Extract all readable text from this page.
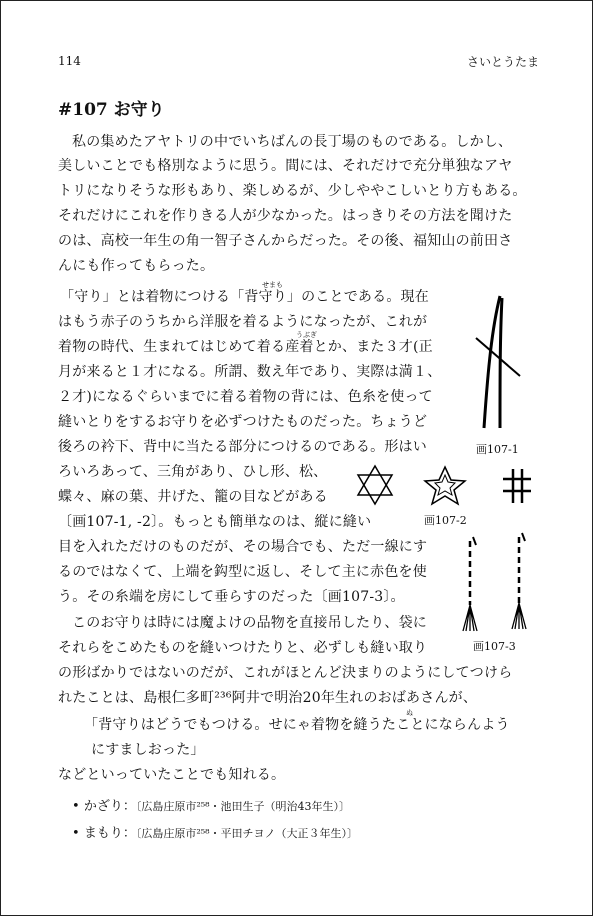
114	さいとうたま
#107 お守り
私の集めたアヤトリの中でいちばんの長丁場のものである。しかし、
美しいことでも格別なように思う。間には、それだけで充分単独なアヤ
トリになりそうな形もあり、楽しめるが、少しややこしいとり方もある。
それだけにこれを作りきる人が少なかった。はっきりその方法を聞けた
のは、高校一年生の角一智子さんからだった。その後、福知山の前田さ
んにも作ってもらった。
せまも
「守り」とは着物につける「背守り」のことである。現在
はもう赤子のうちから洋服を着るようになったが、これが
うぶぎ
着物の時代、生まれてはじめて着る産着とか、また３才(正
月が来ると１才になる。所謂、数え年であり、実際は満１、
２才)になるぐらいまでに着る着物の背には、色糸を使って
縫いとりをするお守りを必ずつけたものだった。ちょうど
後ろの衿下、背中に当たる部分につけるのである。形はい
ろいろあって、三角があり、ひし形、松、
蝶々、麻の葉、井げた、籠の目などがある
〔画107-1, -2〕。もっとも簡単なのは、縦に縫い
目を入れただけのものだが、その場合でも、ただ一線にす
るのではなくて、上端を鈎型に返し、そして主に赤色を使
う。その糸端を房にして垂らすのだった〔画107-3〕。
このお守りは時には魔よけの品物を直接吊したり、袋に
それらをこめたものを縫いつけたりと、必ずしも縫い取り
の形ばかりではないのだが、これがほとんど決まりのようにしてつけら
れたことは、島根仁多町²³⁶阿井で明治20年生れのおばあさんが、
ぬ
「背守りはどうでもつける。せにゃ着物を縫うたことにならんよう
にすましおった」
などといっていたことでも知れる。
• かざり：〔広島庄原市²⁵⁸・池田生子（明治43年生）〕
• まもり：〔広島庄原市²⁵⁸・平田チヨノ（大正３年生）〕
画107-1
画107-2
画107-3
